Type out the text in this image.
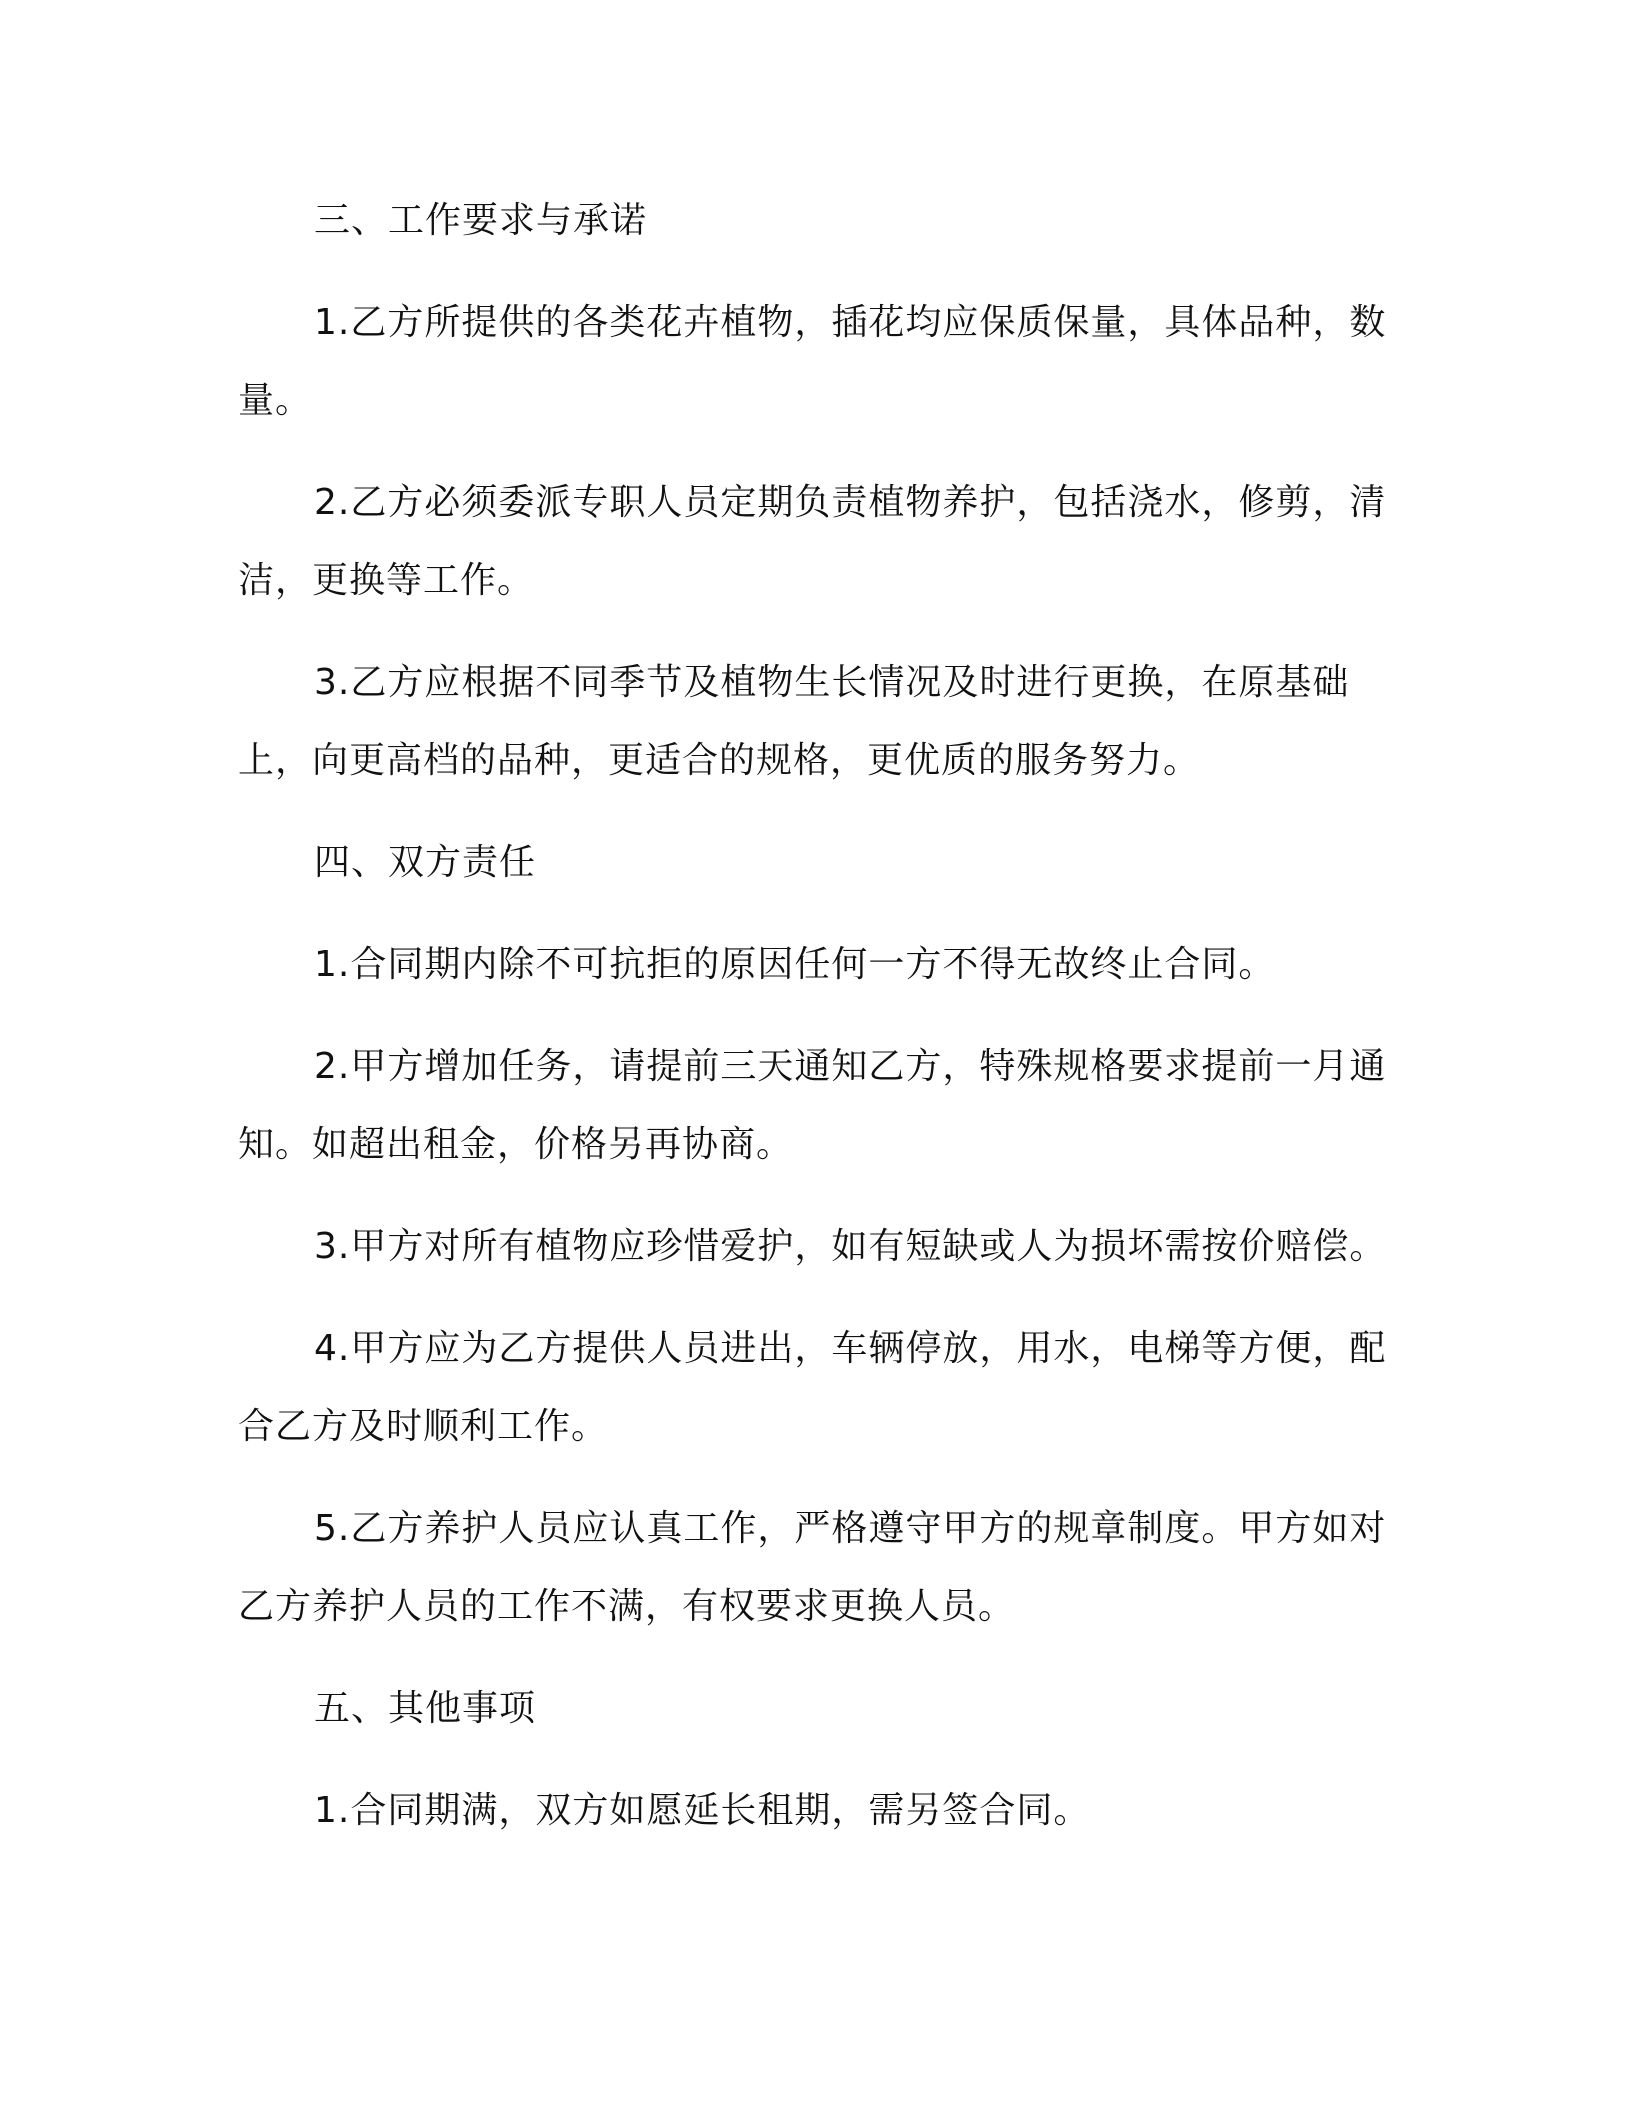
三、工作要求与承诺

1.乙方所提供的各类花卉植物，插花均应保质保量，具体品种，数量。

2.乙方必须委派专职人员定期负责植物养护，包括浇水，修剪，清洁，更换等工作。

3.乙方应根据不同季节及植物生长情况及时进行更换，在原基础上，向更高档的品种，更适合的规格，更优质的服务努力。

四、双方责任

1.合同期内除不可抗拒的原因任何一方不得无故终止合同。

2.甲方增加任务，请提前三天通知乙方，特殊规格要求提前一月通知。如超出租金，价格另再协商。

3.甲方对所有植物应珍惜爱护，如有短缺或人为损坏需按价赔偿。

4.甲方应为乙方提供人员进出，车辆停放，用水，电梯等方便，配合乙方及时顺利工作。

5.乙方养护人员应认真工作，严格遵守甲方的规章制度。甲方如对乙方养护人员的工作不满，有权要求更换人员。

五、其他事项

1.合同期满，双方如愿延长租期，需另签合同。
